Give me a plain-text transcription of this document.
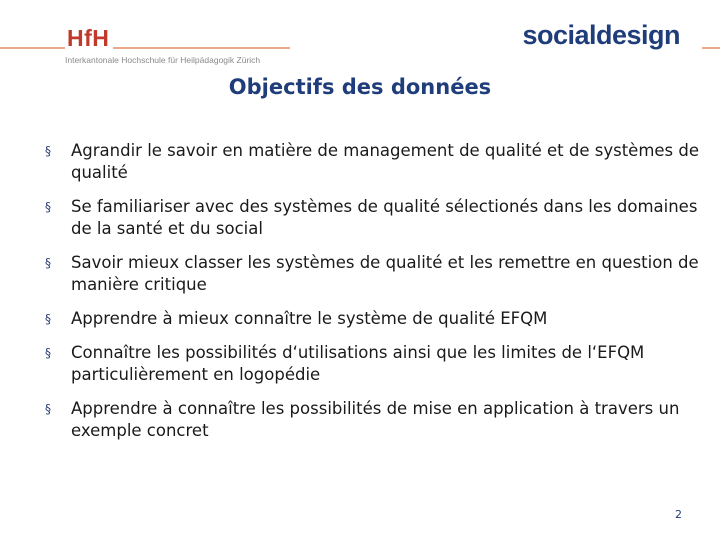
HfH
Interkantonale Hochschule für Heilpädagogik Zürich
socialdesign
Objectifs des données
§	Agrandir le savoir en matière de management de qualité et de systèmes de qualité
§	Se familiariser avec des systèmes de qualité sélectionés dans les domaines de la santé et du social
§	Savoir mieux classer les systèmes de qualité et les remettre en question de manière critique
§	Apprendre à mieux connaître le système de qualité EFQM
§	Connaître les possibilités d‘utilisations ainsi que les limites de l‘EFQM particulièrement en logopédie
§	Apprendre à connaître les possibilités de mise en application à travers un exemple concret
2
